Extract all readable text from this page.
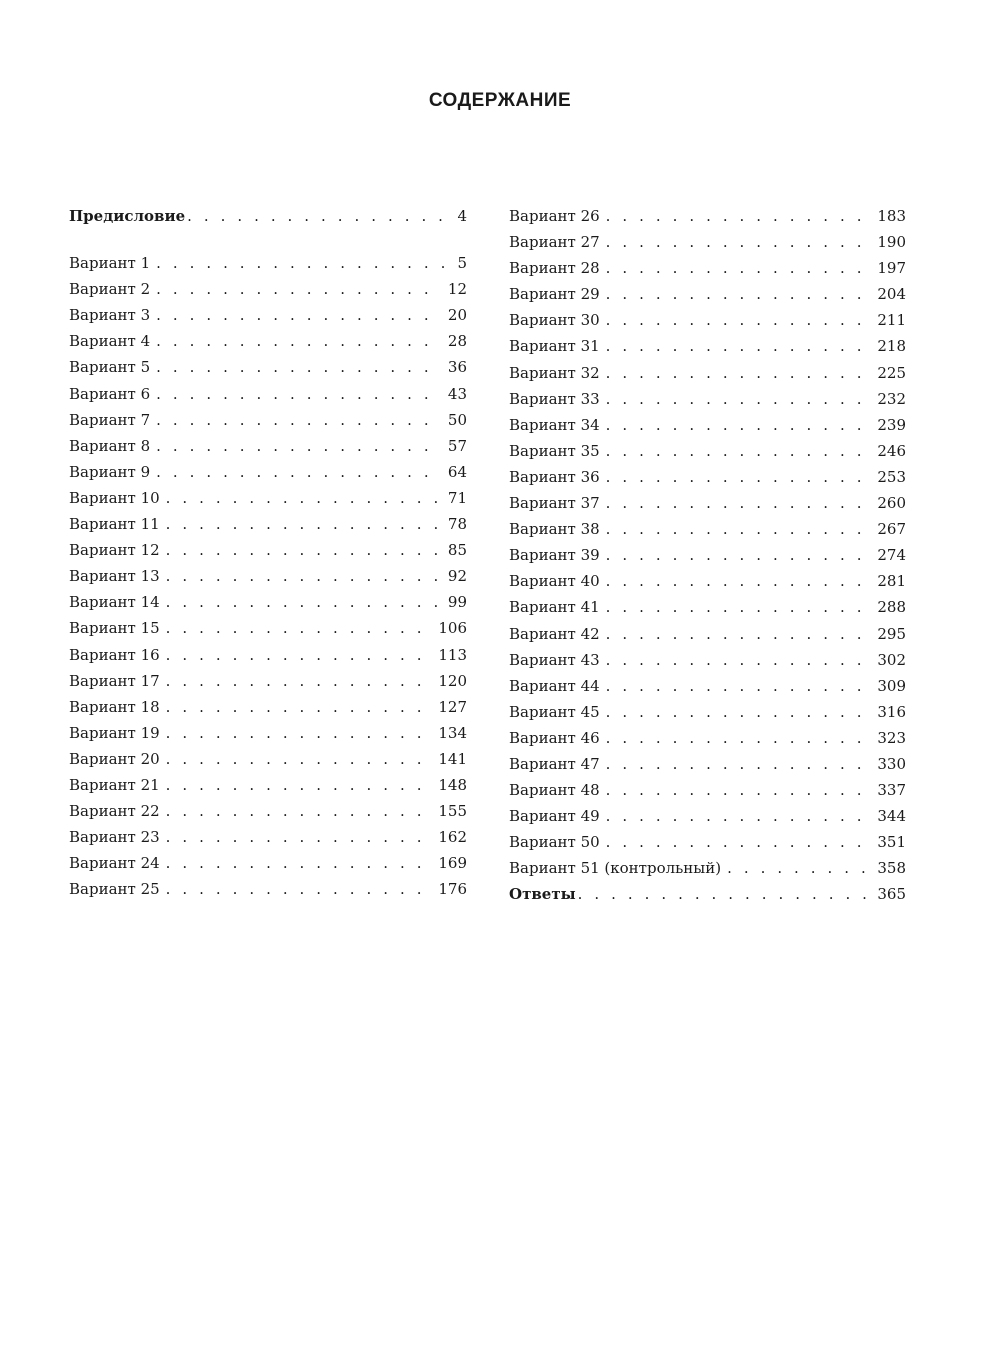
СОДЕРЖАНИЕ
Предисловие . . .	4
Вариант 1 . . .	5
Вариант 2 . . .	12
Вариант 3 . . .	20
Вариант 4 . . .	28
Вариант 5 . . .	36
Вариант 6 . . .	43
Вариант 7 . . .	50
Вариант 8 . . .	57
Вариант 9 . . .	64
Вариант 10 . . .	71
Вариант 11 . . .	78
Вариант 12 . . .	85
Вариант 13 . . .	92
Вариант 14 . . .	99
Вариант 15 . . .	106
Вариант 16 . . .	113
Вариант 17 . . .	120
Вариант 18 . . .	127
Вариант 19 . . .	134
Вариант 20 . . .	141
Вариант 21 . . .	148
Вариант 22 . . .	155
Вариант 23 . . .	162
Вариант 24 . . .	169
Вариант 25 . . .	176
Вариант 26 . . .	183
Вариант 27 . . .	190
Вариант 28 . . .	197
Вариант 29 . . .	204
Вариант 30 . . .	211
Вариант 31 . . .	218
Вариант 32 . . .	225
Вариант 33 . . .	232
Вариант 34 . . .	239
Вариант 35 . . .	246
Вариант 36 . . .	253
Вариант 37 . . .	260
Вариант 38 . . .	267
Вариант 39 . . .	274
Вариант 40 . . .	281
Вариант 41 . . .	288
Вариант 42 . . .	295
Вариант 43 . . .	302
Вариант 44 . . .	309
Вариант 45 . . .	316
Вариант 46 . . .	323
Вариант 47 . . .	330
Вариант 48 . . .	337
Вариант 49 . . .	344
Вариант 50 . . .	351
Вариант 51 (контрольный) . . .	358
Ответы . . .	365
